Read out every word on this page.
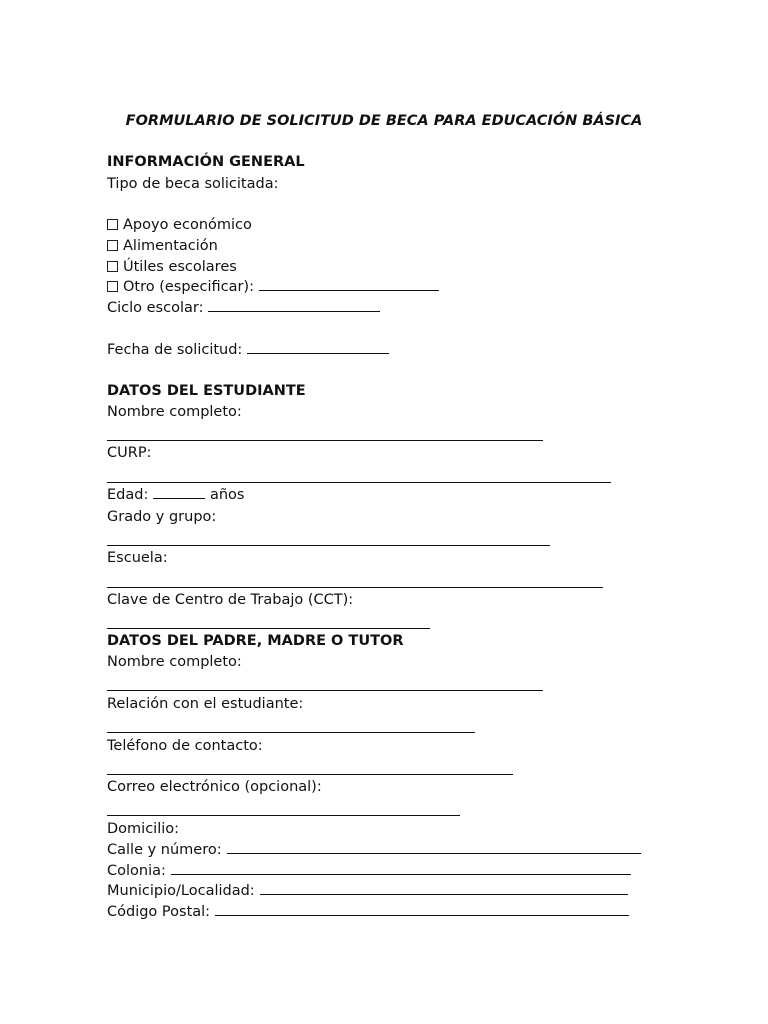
FORMULARIO DE SOLICITUD DE BECA PARA EDUCACIÓN BÁSICA
INFORMACIÓN GENERAL
Tipo de beca solicitada:
Apoyo económico
Alimentación
Útiles escolares
Otro (especificar):
Ciclo escolar:
Fecha de solicitud:
DATOS DEL ESTUDIANTE
Nombre completo:
CURP:
Edad:	años
Grado y grupo:
Escuela:
Clave de Centro de Trabajo (CCT):
DATOS DEL PADRE, MADRE O TUTOR
Nombre completo:
Relación con el estudiante:
Teléfono de contacto:
Correo electrónico (opcional):
Domicilio:
Calle y número:
Colonia:
Municipio/Localidad:
Código Postal:
